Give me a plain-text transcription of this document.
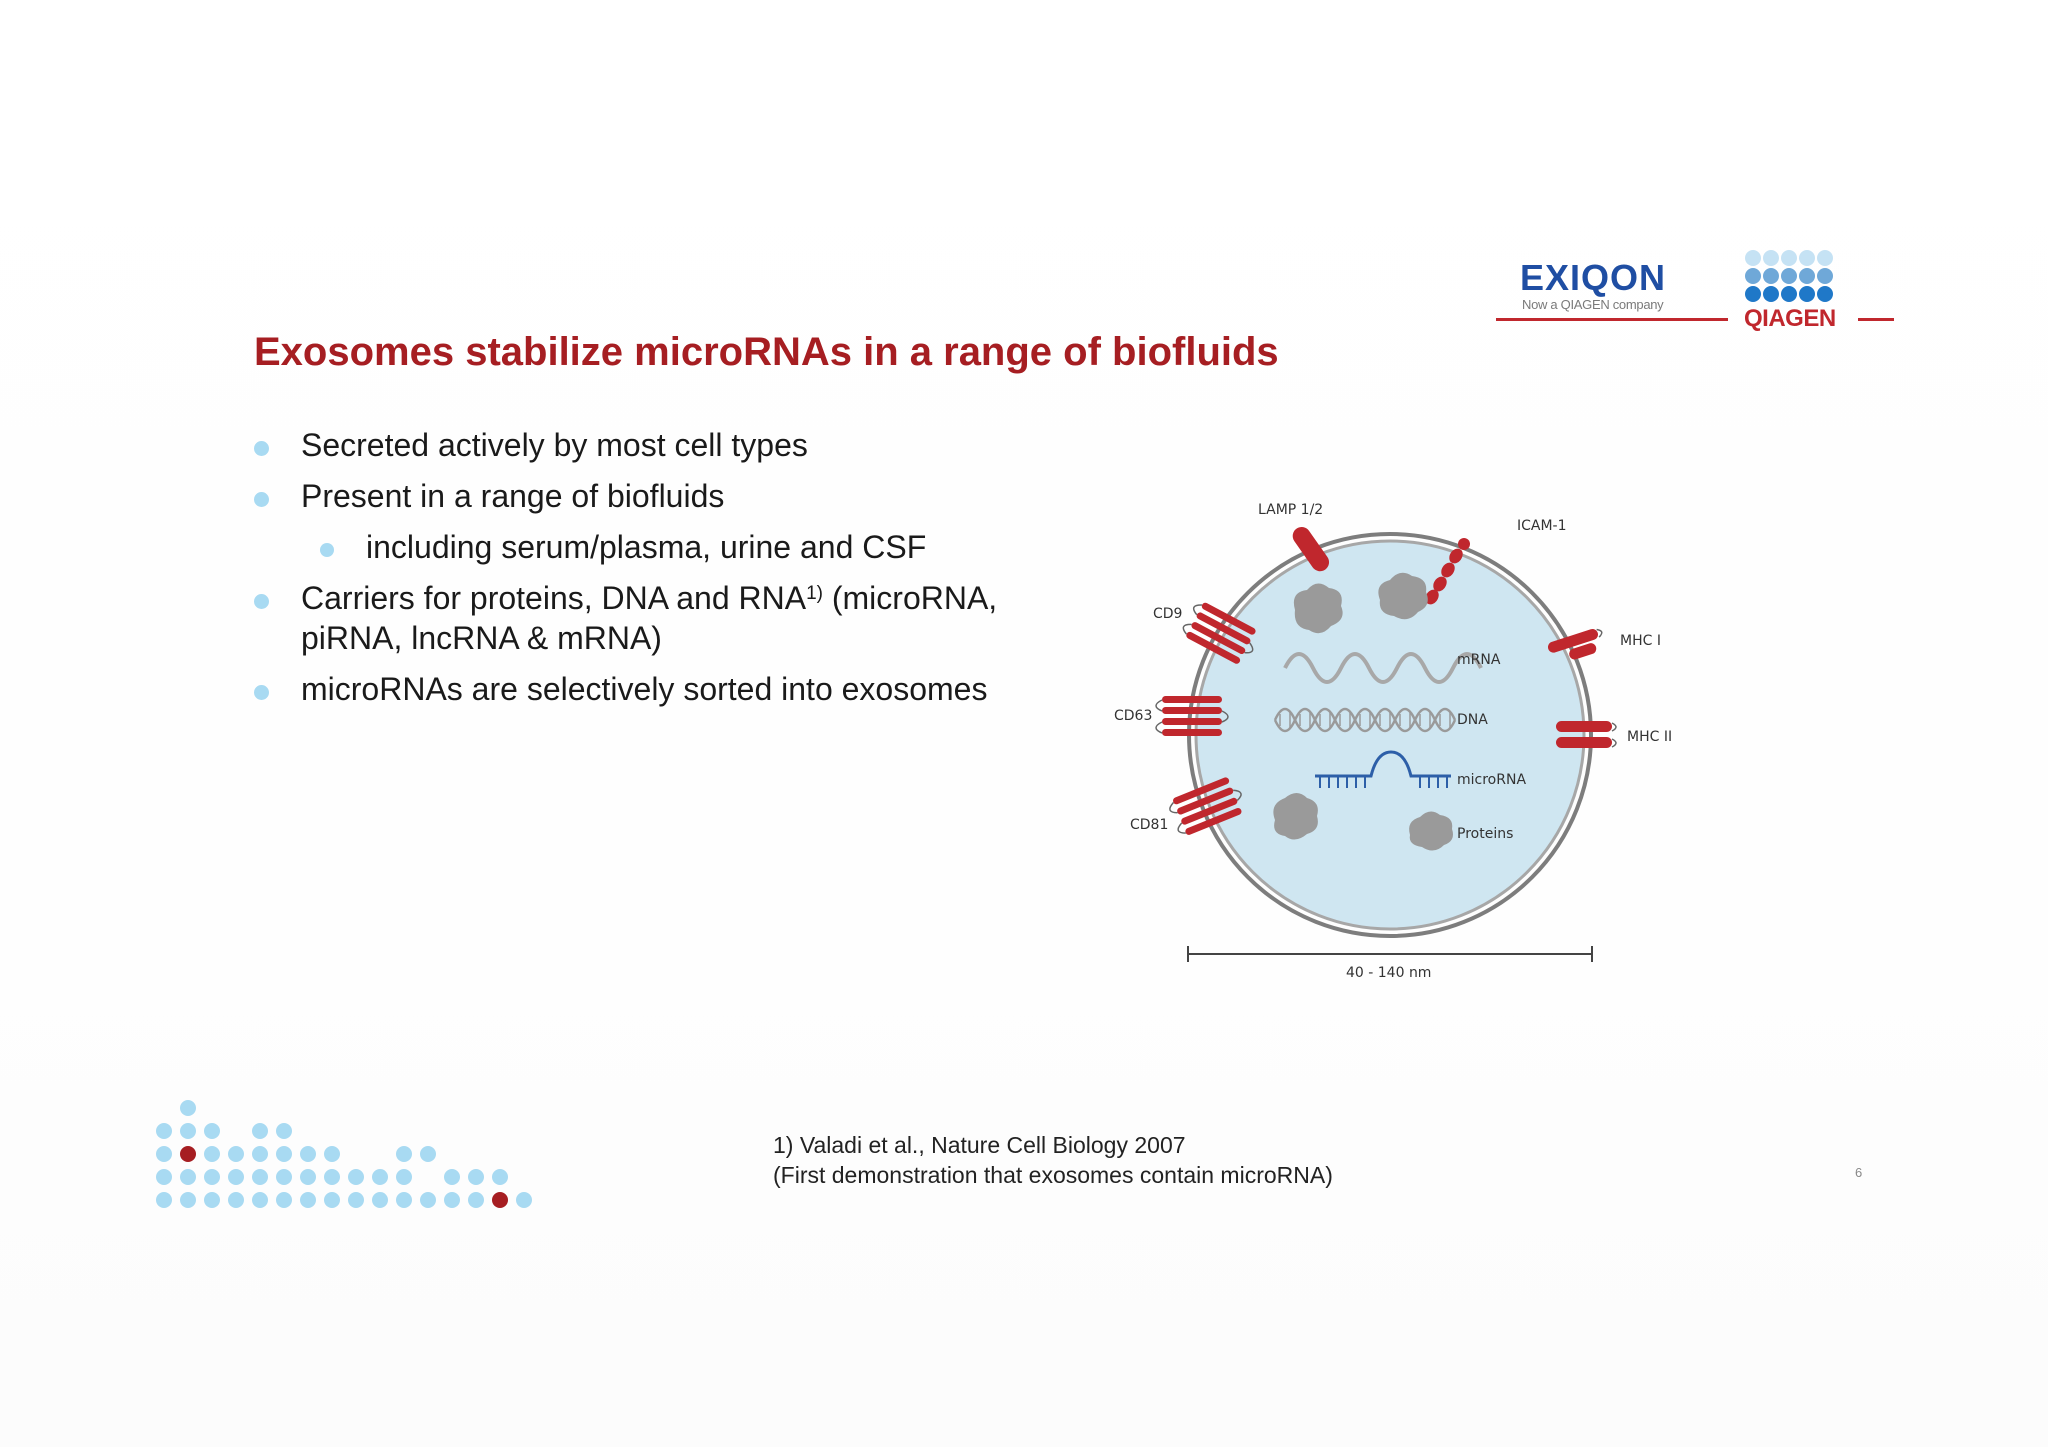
EXIQON
Now a QIAGEN company
QIAGEN
Exosomes stabilize microRNAs in a range of biofluids
Secreted actively by most cell types
Present in a range of biofluids
including serum/plasma, urine and CSF
Carriers for proteins, DNA and RNA$^{1)}$ (microRNA,
piRNA, lncRNA & mRNA)
microRNAs are selectively sorted into exosomes
LAMP 1/2
ICAM-1
CD9
MHC I
CD63
MHC II
CD81
mRNA
DNA
microRNA
Proteins
40 - 140 nm
1) Valadi et al., Nature Cell Biology 2007
(First demonstration that exosomes contain microRNA)	6
